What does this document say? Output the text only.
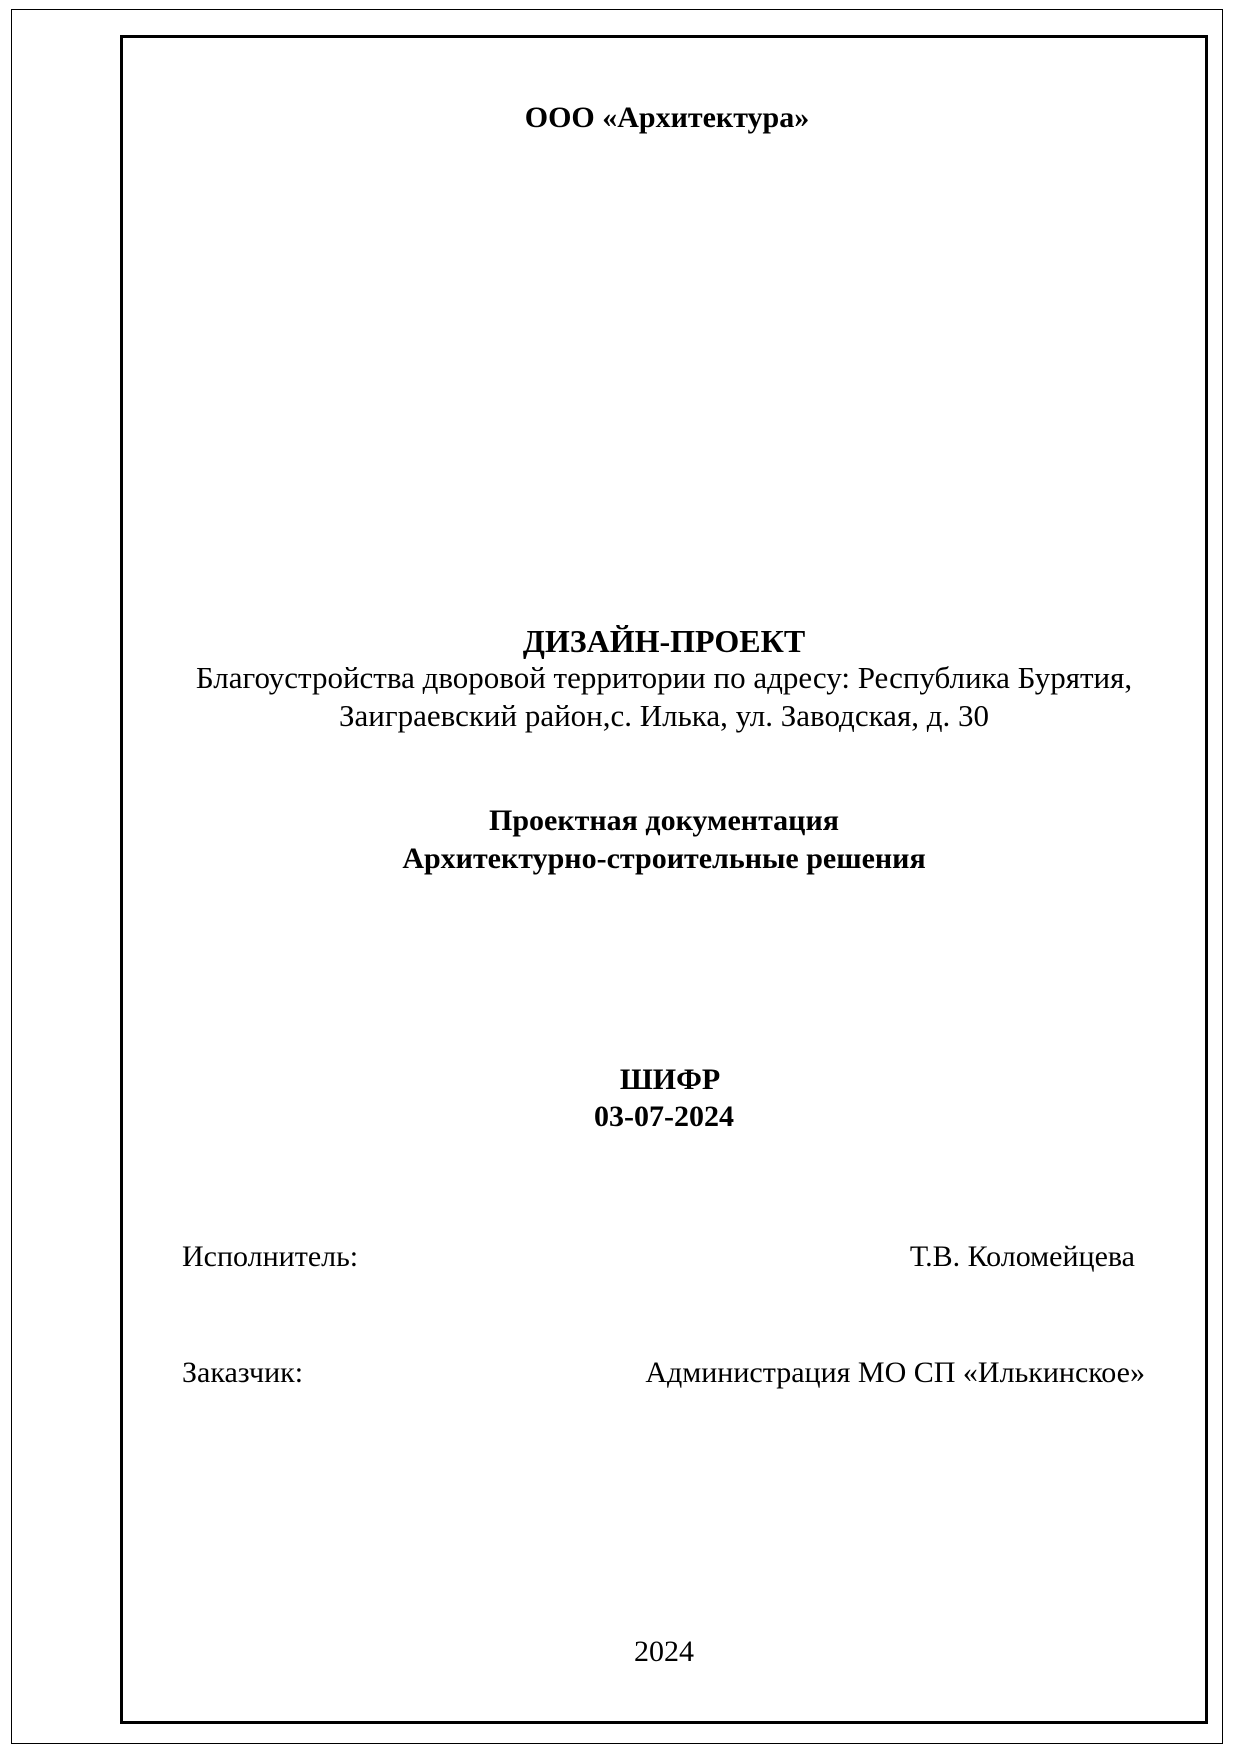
ООО «Архитектура»
ДИЗАЙН-ПРОЕКТ
Благоустройства дворовой территории по адресу: Республика Бурятия,
Заиграевский район,с. Илька, ул. Заводская, д. 30
Проектная документация
Архитектурно-строительные решения
ШИФР
03-07-2024
Исполнитель:	Т.В. Коломейцева
Заказчик:	Администрация МО СП «Илькинское»
2024
